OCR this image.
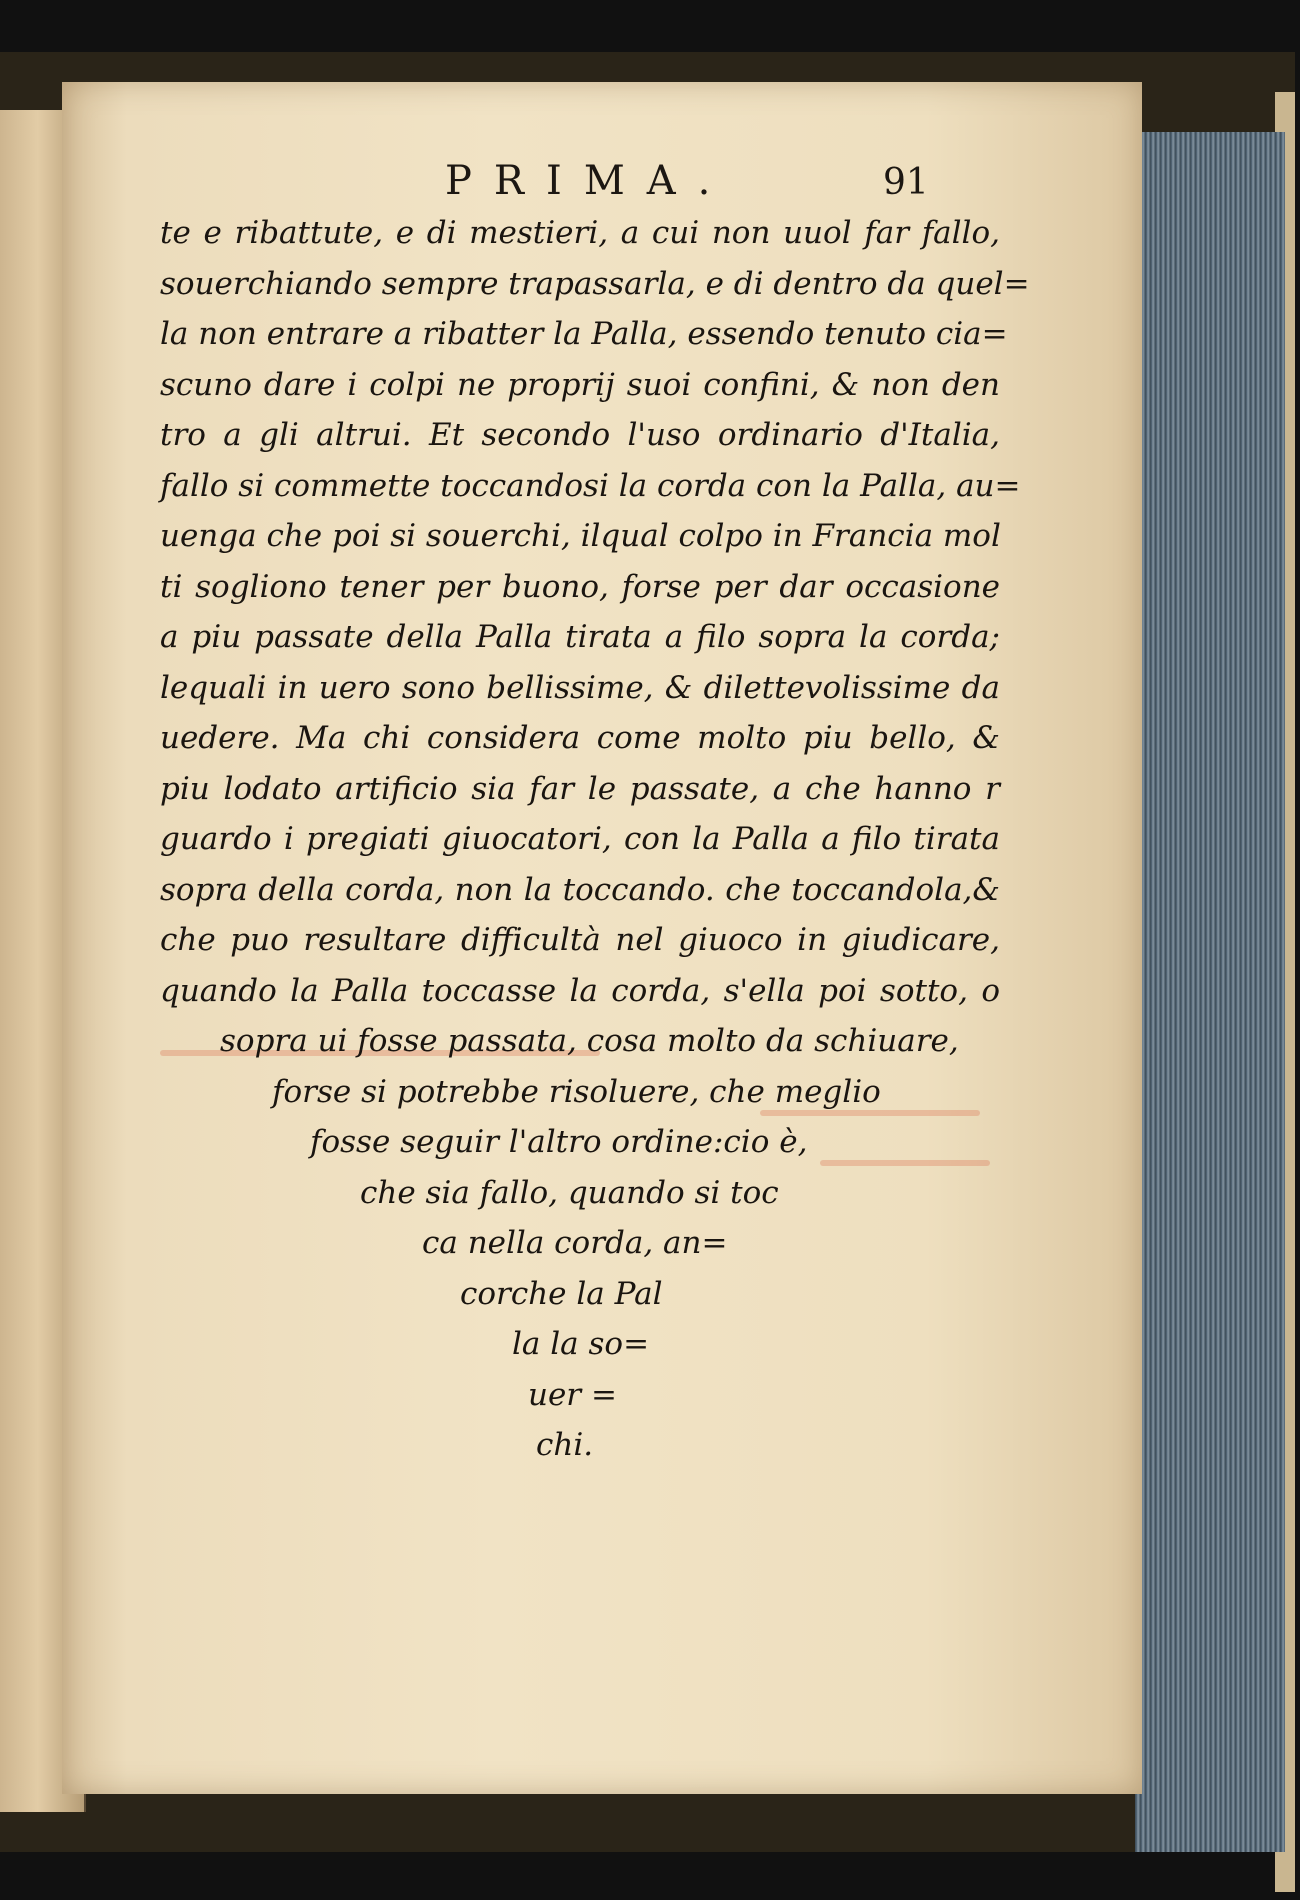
PRIMA.	91
te e ribattute, e di mestieri, a cui non uuol far fallo,
souerchiando sempre trapassarla, e di dentro da quel=
la non entrare a ribatter la Palla, essendo tenuto cia=
scuno dare i colpi ne proprij suoi confini, & non den
tro a gli altrui. Et secondo l'uso ordinario d'Italia,
fallo si commette toccandosi la corda con la Palla, au=
uenga che poi si souerchi, ilqual colpo in Francia mol
ti sogliono tener per buono, forse per dar occasione
a piu passate della Palla tirata a filo sopra la corda;
lequali in uero sono bellissime, & dilettevolissime da
uedere. Ma chi considera come molto piu bello, &
piu lodato artificio sia far le passate, a che hanno r
guardo i pregiati giuocatori, con la Palla a filo tirata
sopra della corda, non la toccando. che toccandola,&
che puo resultare difficultà nel giuoco in giudicare,
quando la Palla toccasse la corda, s'ella poi sotto, o
sopra ui fosse passata, cosa molto da schiuare,
forse si potrebbe risoluere, che meglio
fosse seguir l'altro ordine:cio è,
che sia fallo, quando si toc
ca nella corda, an=
corche la Pal
la la so=
uer =
chi.
